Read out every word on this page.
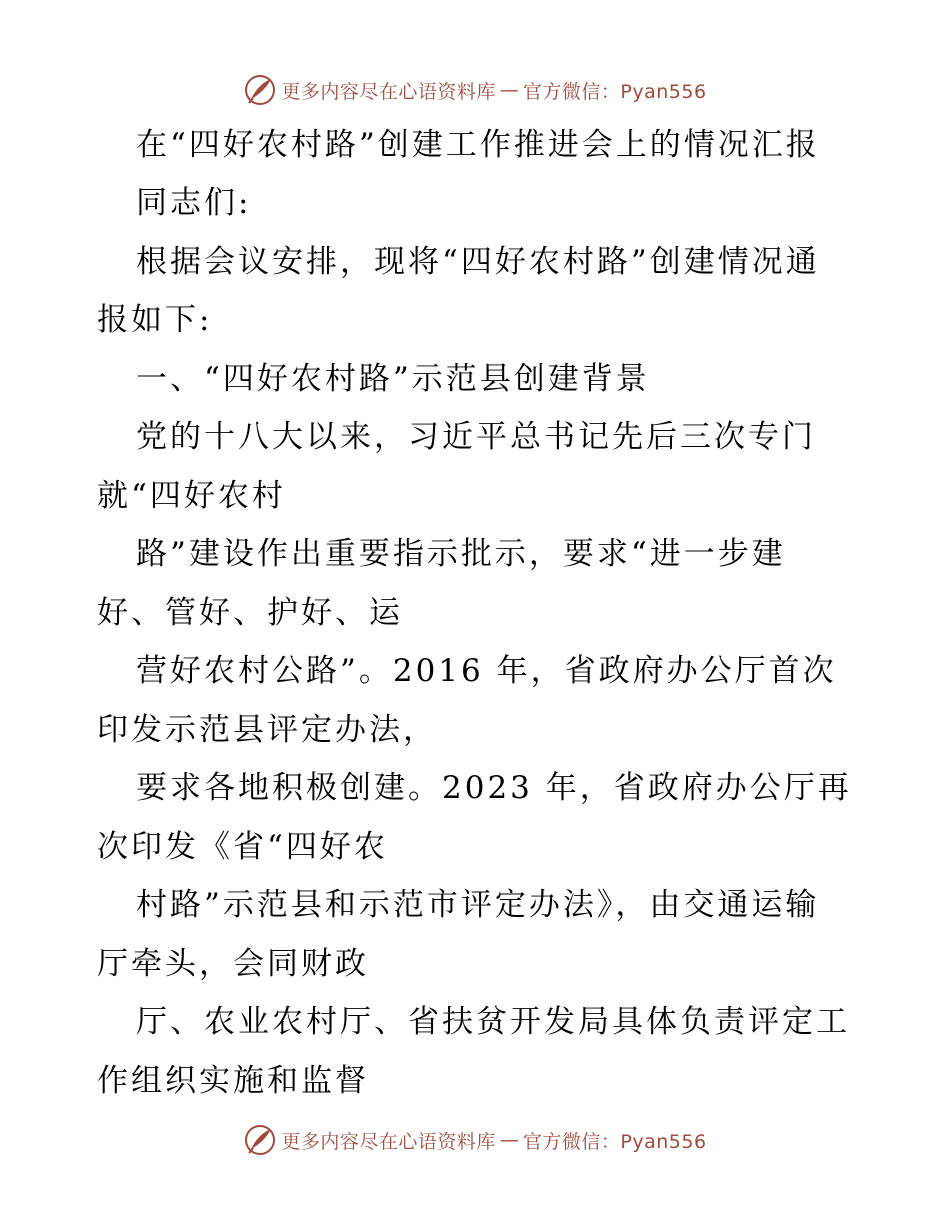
更多内容尽在心语资料库 — 官方微信：Pyan556
在“四好农村路”创建工作推进会上的情况汇报
同志们:
根据会议安排，现将“四好农村路”创建情况通
报如下:
一、“四好农村路”示范县创建背景
党的十八大以来，习近平总书记先后三次专门
就“四好农村
路”建设作出重要指示批示，要求“进一步建
好、管好、护好、运
营好农村公路”。2016 年，省政府办公厅首次
印发示范县评定办法，
要求各地积极创建。2023 年，省政府办公厅再
次印发《省“四好农
村路”示范县和示范市评定办法》，由交通运输
厅牵头，会同财政
厅、农业农村厅、省扶贫开发局具体负责评定工
作组织实施和监督
更多内容尽在心语资料库 — 官方微信：Pyan556
